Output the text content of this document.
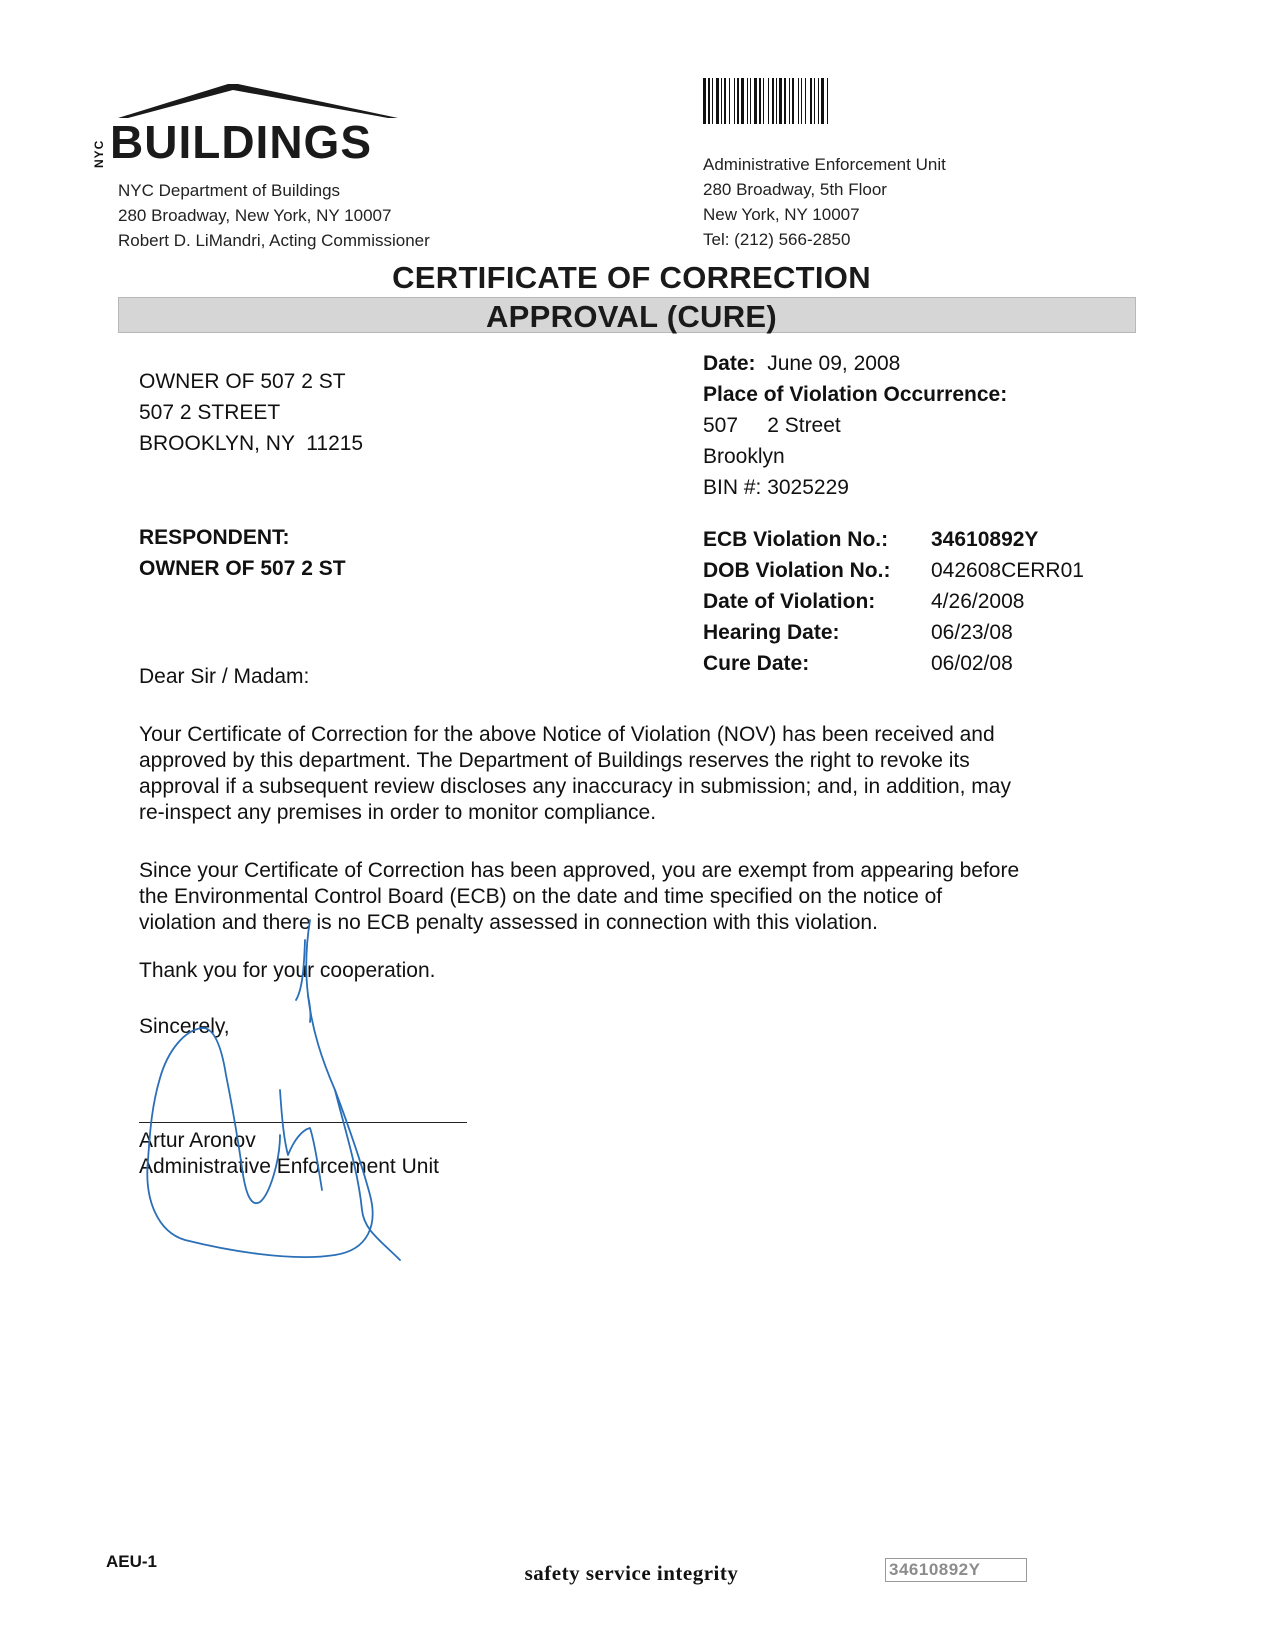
NYC BUILDINGS
NYC Department of Buildings
280 Broadway, New York, NY 10007
Robert D. LiMandri, Acting Commissioner
Administrative Enforcement Unit
280 Broadway, 5th Floor
New York, NY 10007
Tel: (212) 566-2850
CERTIFICATE OF CORRECTION
APPROVAL (CURE)
OWNER OF 507 2 ST
507 2 STREET
BROOKLYN, NY  11215
Date: June 09, 2008
Place of Violation Occurrence:
507     2 Street
Brooklyn
BIN #: 3025229
RESPONDENT:
OWNER OF 507 2 ST
ECB Violation No.:	34610892Y
DOB Violation No.:	042608CERR01
Date of Violation:	4/26/2008
Hearing Date:	06/23/08
Cure Date:	06/02/08
Dear Sir / Madam:
Your Certificate of Correction for the above Notice of Violation (NOV) has been received and
approved by this department. The Department of Buildings reserves the right to revoke its
approval if a subsequent review discloses any inaccuracy in submission; and, in addition, may
re-inspect any premises in order to monitor compliance.
Since your Certificate of Correction has been approved, you are exempt from appearing before
the Environmental Control Board (ECB) on the date and time specified on the notice of
violation and there is no ECB penalty assessed in connection with this violation.
Thank you for your cooperation.
Sincerely,
Artur Aronov
Administrative Enforcement Unit
AEU-1	safety service integrity	34610892Y
